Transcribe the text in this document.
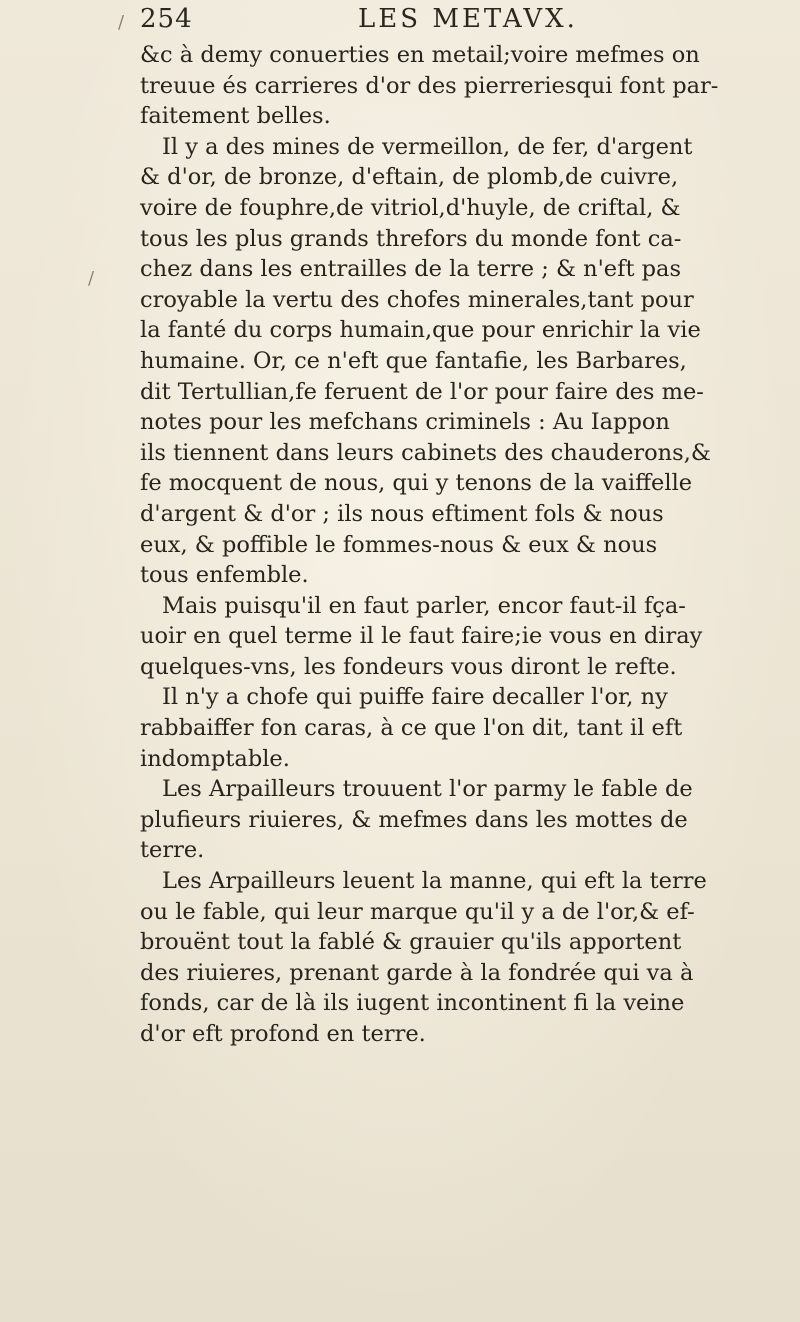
254	LES METAVX.
&c à demy conuerties en metail;voire mefmes on
treuue és carrieres d'or des pierreriesqui font par-
faitement belles.
Il y a des mines de vermeillon, de fer, d'argent
& d'or, de bronze, d'eftain, de plomb,de cuivre,
voire de fouphre,de vitriol,d'huyle, de criftal, &
tous les plus grands threfors du monde font ca-
chez dans les entrailles de la terre ; & n'eft pas
croyable la vertu des chofes minerales,tant pour
la fanté du corps humain,que pour enrichir la vie
humaine. Or, ce n'eft que fantafie, les Barbares,
dit Tertullian,fe feruent de l'or pour faire des me-
notes pour les mefchans criminels : Au Iappon
ils tiennent dans leurs cabinets des chauderons,&
fe mocquent de nous, qui y tenons de la vaiffelle
d'argent & d'or ; ils nous eftiment fols & nous
eux, & poffible le fommes-nous & eux & nous
tous enfemble.
Mais puisqu'il en faut parler, encor faut-il fça-
uoir en quel terme il le faut faire;ie vous en diray
quelques-vns, les fondeurs vous diront le refte.
Il n'y a chofe qui puiffe faire decaller l'or, ny
rabbaiffer fon caras, à ce que l'on dit, tant il eft
indomptable.
Les Arpailleurs trouuent l'or parmy le fable de
plufieurs riuieres, & mefmes dans les mottes de
terre.
Les Arpailleurs leuent la manne, qui eft la terre
ou le fable, qui leur marque qu'il y a de l'or,& ef-
brouënt tout la fablé & grauier qu'ils apportent
des riuieres, prenant garde à la fondrée qui va à
fonds, car de là ils iugent incontinent fi la veine
d'or eft profond en terre.
/
/
